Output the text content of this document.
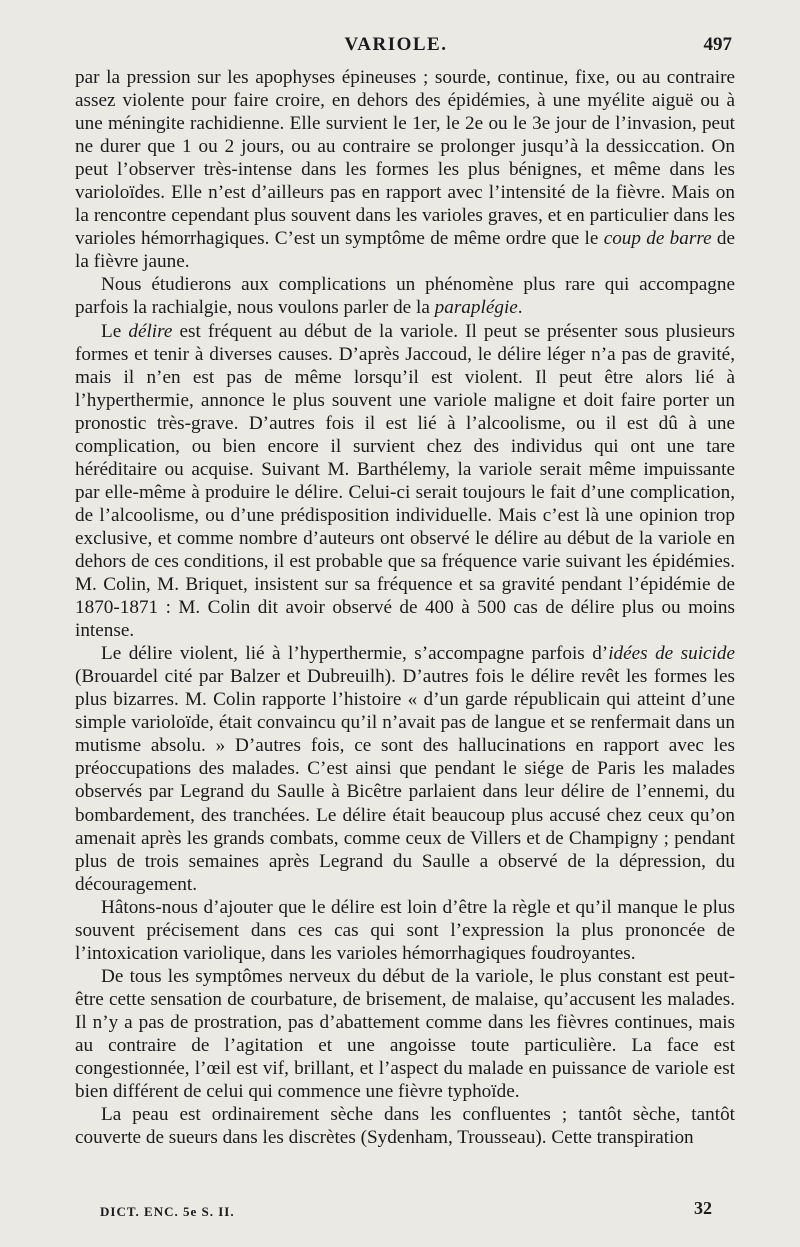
VARIOLE.	497

par la pression sur les apophyses épineuses ; sourde, continue, fixe, ou au contraire assez violente pour faire croire, en dehors des épidémies, à une myélite aiguë ou à une méningite rachidienne. Elle survient le 1er, le 2e ou le 3e jour de l’invasion, peut ne durer que 1 ou 2 jours, ou au contraire se prolonger jusqu’à la dessiccation. On peut l’observer très-intense dans les formes les plus bénignes, et même dans les varioloïdes. Elle n’est d’ailleurs pas en rapport avec l’intensité de la fièvre. Mais on la rencontre cependant plus souvent dans les varioles graves, et en particulier dans les varioles hémorrhagiques. C’est un symptôme de même ordre que le coup de barre de la fièvre jaune.

Nous étudierons aux complications un phénomène plus rare qui accompagne parfois la rachialgie, nous voulons parler de la paraplégie.

Le délire est fréquent au début de la variole. Il peut se présenter sous plusieurs formes et tenir à diverses causes. D’après Jaccoud, le délire léger n’a pas de gravité, mais il n’en est pas de même lorsqu’il est violent. Il peut être alors lié à l’hyperthermie, annonce le plus souvent une variole maligne et doit faire porter un pronostic très-grave. D’autres fois il est lié à l’alcoolisme, ou il est dû à une complication, ou bien encore il survient chez des individus qui ont une tare héréditaire ou acquise. Suivant M. Barthélemy, la variole serait même impuissante par elle-même à produire le délire. Celui-ci serait toujours le fait d’une complication, de l’alcoolisme, ou d’une prédisposition individuelle. Mais c’est là une opinion trop exclusive, et comme nombre d’auteurs ont observé le délire au début de la variole en dehors de ces conditions, il est probable que sa fréquence varie suivant les épidémies. M. Colin, M. Briquet, insistent sur sa fréquence et sa gravité pendant l’épidémie de 1870-1871 : M. Colin dit avoir observé de 400 à 500 cas de délire plus ou moins intense.

Le délire violent, lié à l’hyperthermie, s’accompagne parfois d’idées de suicide (Brouardel cité par Balzer et Dubreuilh). D’autres fois le délire revêt les formes les plus bizarres. M. Colin rapporte l’histoire « d’un garde républicain qui atteint d’une simple varioloïde, était convaincu qu’il n’avait pas de langue et se renfermait dans un mutisme absolu. » D’autres fois, ce sont des hallucinations en rapport avec les préoccupations des malades. C’est ainsi que pendant le siége de Paris les malades observés par Legrand du Saulle à Bicêtre parlaient dans leur délire de l’ennemi, du bombardement, des tranchées. Le délire était beaucoup plus accusé chez ceux qu’on amenait après les grands combats, comme ceux de Villers et de Champigny ; pendant plus de trois semaines après Legrand du Saulle a observé de la dépression, du découragement.

Hâtons-nous d’ajouter que le délire est loin d’être la règle et qu’il manque le plus souvent précisement dans ces cas qui sont l’expression la plus prononcée de l’intoxication variolique, dans les varioles hémorrhagiques foudroyantes.

De tous les symptômes nerveux du début de la variole, le plus constant est peut-être cette sensation de courbature, de brisement, de malaise, qu’accusent les malades. Il n’y a pas de prostration, pas d’abattement comme dans les fièvres continues, mais au contraire de l’agitation et une angoisse toute particulière. La face est congestionnée, l’œil est vif, brillant, et l’aspect du malade en puissance de variole est bien différent de celui qui commence une fièvre typhoïde.

La peau est ordinairement sèche dans les confluentes ; tantôt sèche, tantôt couverte de sueurs dans les discrètes (Sydenham, Trousseau). Cette transpiration

DICT. ENC. 5e S. II.	32
